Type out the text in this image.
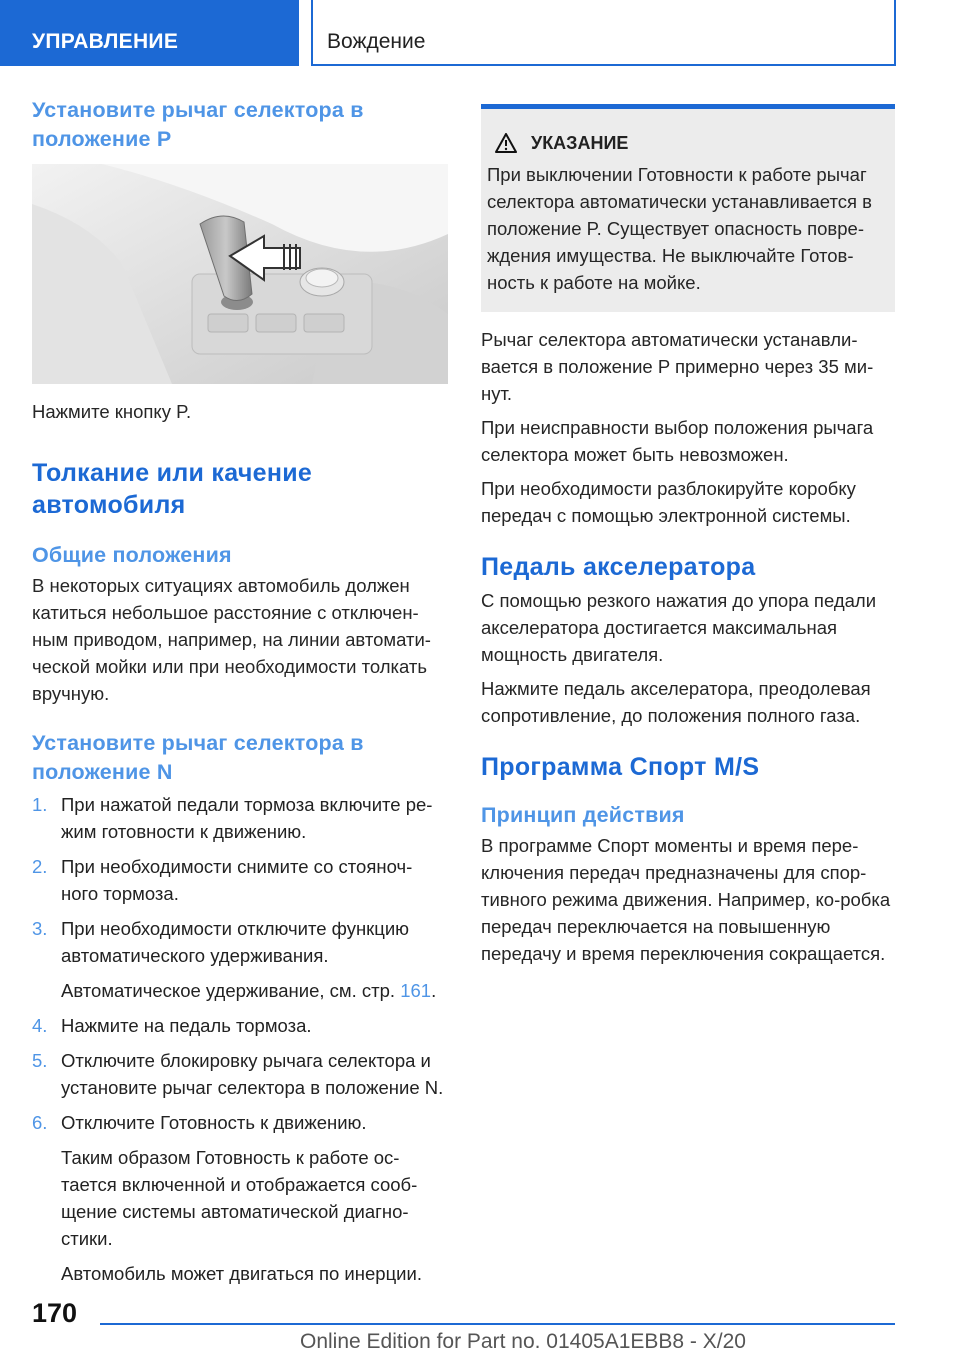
УПРАВЛЕНИЕ	Вождение
Установите рычаг селектора в положение P

Нажмите кнопку P.

Толкание или качение автомобиля
Общие положения

В некоторых ситуациях автомобиль должен катиться небольшое расстояние с отключен-ным приводом, например, на линии автомати-ческой мойки или при необходимости толкать вручную.

Установите рычаг селектора в положение N
1. При нажатой педали тормоза включите ре-жим готовности к движению.
2. При необходимости снимите со стояноч-ного тормоза.
3. При необходимости отключите функцию автоматического удерживания.
Автоматическое удерживание, см. стр. 161.
4. Нажмите на педаль тормоза.
5. Отключите блокировку рычага селектора и установите рычаг селектора в положение N.
6. Отключите Готовность к движению.
Таким образом Готовность к работе ос-тается включенной и отображается сооб-щение системы автоматической диагно-стики.
Автомобиль может двигаться по инерции.
УКАЗАНИЕ

При выключении Готовности к работе рычаг селектора автоматически устанавливается в положение P. Существует опасность повре-ждения имущества. Не выключайте Готов-ность к работе на мойке.

Рычаг селектора автоматически устанавли-вается в положение P примерно через 35 ми-нут.

При неисправности выбор положения рычага селектора может быть невозможен.

При необходимости разблокируйте коробку передач с помощью электронной системы.

Педаль акселератора

С помощью резкого нажатия до упора педали акселератора достигается максимальная мощность двигателя.

Нажмите педаль акселератора, преодолевая сопротивление, до положения полного газа.

Программа Спорт M/S
Принцип действия

В программе Спорт моменты и время пере-ключения передач предназначены для спор-тивного режима движения. Например, ко-робка передач переключается на повышенную передачу и время переключения сокращается.

170
Online Edition for Part no. 01405A1EBB8 - X/20
